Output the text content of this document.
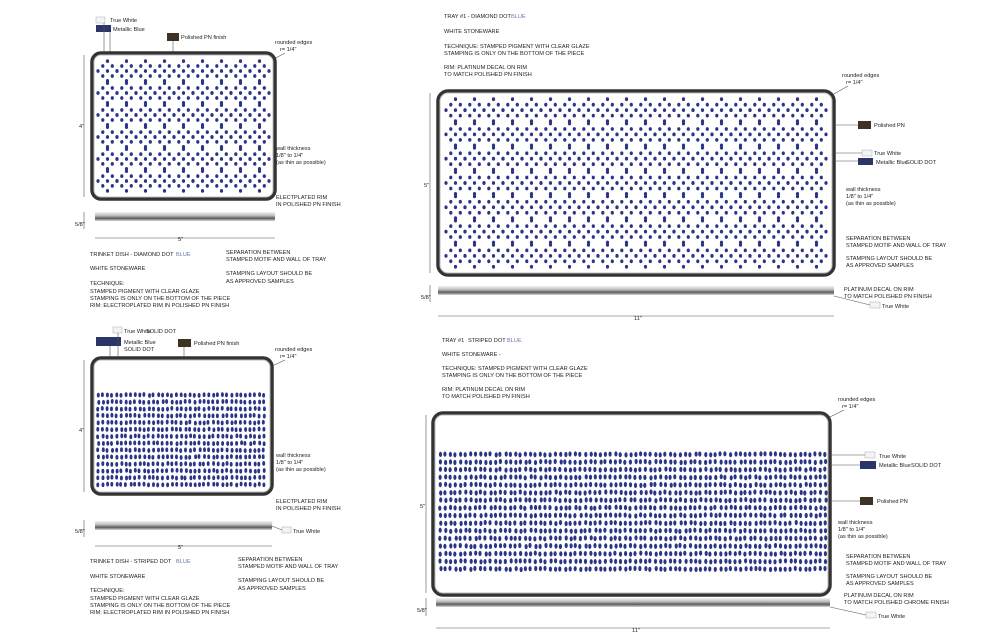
True White
Metallic Blue
Polished PN finish
rounded edges
r= 1/4"
4"
wall thickness
1/8" to 1/4"
(as thin as possible)
ELECTPLATED RIM
IN POLISHED PN FINISH
5/8"
5"
TRINKET DISH - DIAMOND DOT BLUE
WHITE STONEWARE
TECHNIQUE:
STAMPED PIGMENT WITH CLEAR GLAZE
STAMPING IS ONLY ON THE BOTTOM OF THE PIECE
RIM: ELECTROPLATED RIM IN POLISHED PN FINISH
SEPARATION BETWEEN
STAMPED MOTIF AND WALL OF TRAY
STAMPING LAYOUT SHOULD BE
AS APPROVED SAMPLES
True White
SOLID DOT
Metallic Blue
SOLID DOT
Polished PN finish
rounded edges
r= 1/4"
4"
wall thickness
1/8" to 1/4"
(as thin as possible)
ELECTPLATED RIM
IN POLISHED PN FINISH
True White
5/8"
5"
TRINKET DISH - STRIPED DOT BLUE
WHITE STONEWARE
TECHNIQUE:
STAMPED PIGMENT WITH CLEAR GLAZE
STAMPING IS ONLY ON THE BOTTOM OF THE PIECE
RIM: ELECTROPLATED RIM IN POLISHED PN FINISH
SEPARATION BETWEEN
STAMPED MOTIF AND WALL OF TRAY
STAMPING LAYOUT SHOULD BE
AS APPROVED SAMPLES
TRAY #1 - DIAMOND DOT BLUE
WHITE STONEWARE
TECHNIQUE: STAMPED PIGMENT WITH CLEAR GLAZE
STAMPING IS ONLY ON THE BOTTOM OF THE PIECE
RIM: PLATINUM DECAL ON RIM
TO MATCH POLISHED PN FINISH	rounded edges
r= 1/4"
Polished PN
True White
Metallic Blue
SOLID DOT
5"
wall thickness
1/8" to 1/4"
(as thin as possible)
SEPARATION BETWEEN
STAMPED MOTIF AND WALL OF TRAY
STAMPING LAYOUT SHOULD BE
AS APPROVED SAMPLES
PLATINUM DECAL ON RIM
TO MATCH POLISHED PN FINISH
True White
5/8"
11"
TRAY #1 STRIPED DOT BLUE
WHITE STONEWARE -
TECHNIQUE: STAMPED PIGMENT WITH CLEAR GLAZE
STAMPING IS ONLY ON THE BOTTOM OF THE PIECE
RIM: PLATINUM DECAL ON RIM
TO MATCH POLISHED PN FINISH	rounded edges
r= 1/4"
True White
Metallic Blue SOLID DOT
Polished PN
5"
wall thickness
1/8" to 1/4"
(as thin as possible)
SEPARATION BETWEEN
STAMPED MOTIF AND WALL OF TRAY
STAMPING LAYOUT SHOULD BE
AS APPROVED SAMPLES
PLATINUM DECAL ON RIM
TO MATCH POLISHED CHROME FINISH
True White
5/8"
11"
